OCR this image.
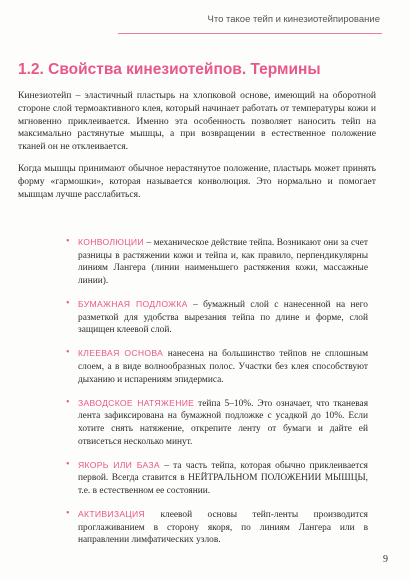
Что такое тейп и кинезиотейпирование
1.2. Свойства кинезиотейпов. Термины
Кинезиотейп – эластичный пластырь на хлопковой основе, имеющий на оборотной стороне слой термоактивного клея, который начинает работать от температуры кожи и мгновенно приклеивается. Именно эта особенность позволяет наносить тейп на максимально растянутые мышцы, а при возвращении в естественное положение тканей он не отклеивается.
Когда мышцы принимают обычное нерастянутое положение, пластырь может принять форму «гармошки», которая называется конволюция. Это нормально и помогает мышцам лучше расслабиться.
• КОНВОЛЮЦИИ – механическое действие тейпа. Возникают они за счет разницы в растяжении кожи и тейпа и, как правило, перпендикулярны линиям Лангера (линии наименьшего растяжения кожи, массажные линии).
• БУМАЖНАЯ ПОДЛОЖКА – бумажный слой с нанесенной на него разметкой для удобства вырезания тейпа по длине и форме, слой защищен клеевой слой.
• КЛЕЕВАЯ ОСНОВА нанесена на большинство тейпов не сплошным слоем, а в виде волнообразных полос. Участки без клея способствуют дыханию и испарениям эпидермиса.
• ЗАВОДСКОЕ НАТЯЖЕНИЕ тейпа 5–10%. Это означает, что тканевая лента зафиксирована на бумажной подложке с усадкой до 10%. Если хотите снять натяжение, открепите ленту от бумаги и дайте ей отвисеться несколько минут.
• ЯКОРЬ ИЛИ БАЗА – та часть тейпа, которая обычно приклеивается первой. Всегда ставится в НЕЙТРАЛЬНОМ ПОЛОЖЕНИИ МЫШЦЫ, т.е. в естественном ее состоянии.
• АКТИВИЗАЦИЯ клеевой основы тейп-ленты производится проглаживанием в сторону якоря, по линиям Лангера или в направлении лимфатических узлов.
9
